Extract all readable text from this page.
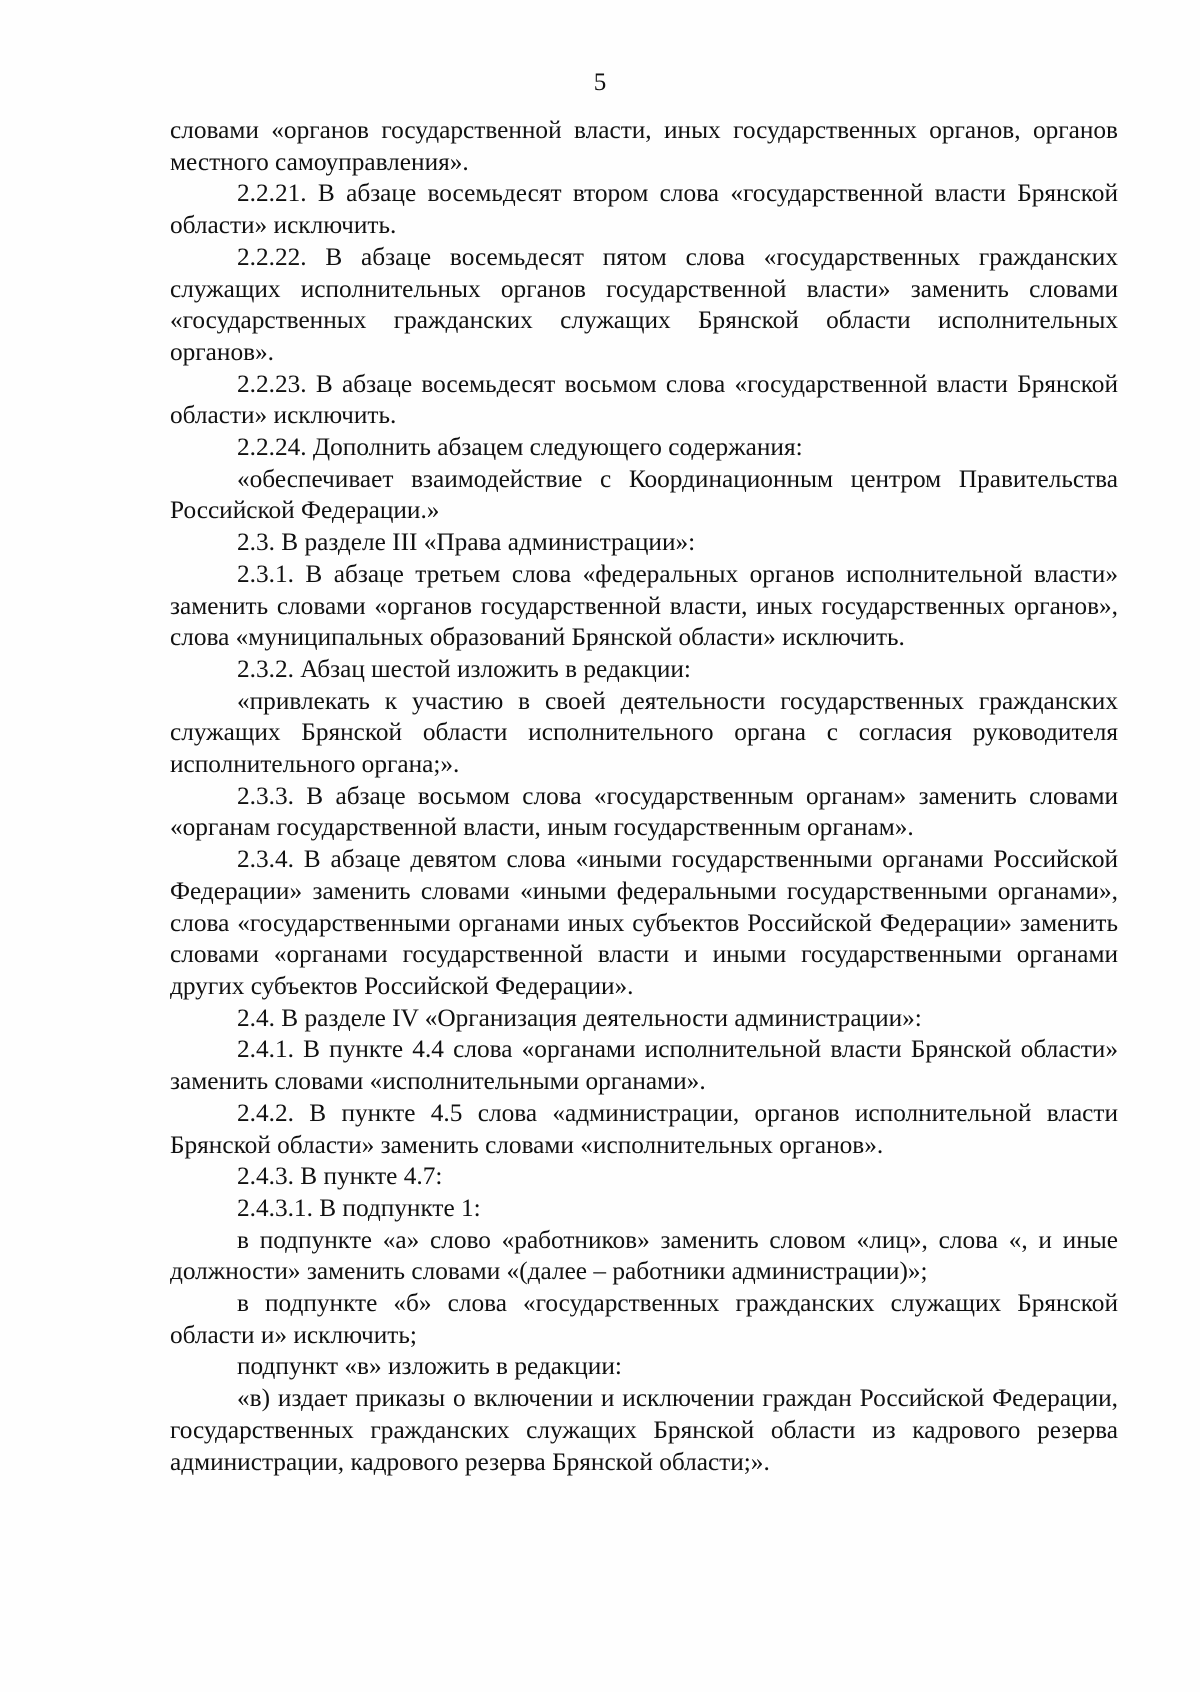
5

словами «органов государственной власти, иных государственных органов, органов местного самоуправления».

2.2.21. В абзаце восемьдесят втором слова «государственной власти Брянской области» исключить.

2.2.22. В абзаце восемьдесят пятом слова «государственных гражданских служащих исполнительных органов государственной власти» заменить словами «государственных гражданских служащих Брянской области исполнительных органов».

2.2.23. В абзаце восемьдесят восьмом слова «государственной власти Брянской области» исключить.

2.2.24. Дополнить абзацем следующего содержания:

«обеспечивает взаимодействие с Координационным центром Правительства Российской Федерации.»

2.3. В разделе III «Права администрации»:

2.3.1. В абзаце третьем слова «федеральных органов исполнительной власти» заменить словами «органов государственной власти, иных государственных органов», слова «муниципальных образований Брянской области» исключить.

2.3.2. Абзац шестой изложить в редакции:

«привлекать к участию в своей деятельности государственных гражданских служащих Брянской области исполнительного органа с согласия руководителя исполнительного органа;».

2.3.3. В абзаце восьмом слова «государственным органам» заменить словами «органам государственной власти, иным государственным органам».

2.3.4. В абзаце девятом слова «иными государственными органами Российской Федерации» заменить словами «иными федеральными государственными органами», слова «государственными органами иных субъектов Российской Федерации» заменить словами «органами государственной власти и иными государственными органами других субъектов Российской Федерации».

2.4. В разделе IV «Организация деятельности администрации»:

2.4.1. В пункте 4.4 слова «органами исполнительной власти Брянской области» заменить словами «исполнительными органами».

2.4.2. В пункте 4.5 слова «администрации, органов исполнительной власти Брянской области» заменить словами «исполнительных органов».

2.4.3. В пункте 4.7:

2.4.3.1. В подпункте 1:

в подпункте «а» слово «работников» заменить словом «лиц», слова «, и иные должности» заменить словами «(далее – работники администрации)»;

в подпункте «б» слова «государственных гражданских служащих Брянской области и» исключить;

подпункт «в» изложить в редакции:

«в) издает приказы о включении и исключении граждан Российской Федерации, государственных гражданских служащих Брянской области из кадрового резерва администрации, кадрового резерва Брянской области;».
